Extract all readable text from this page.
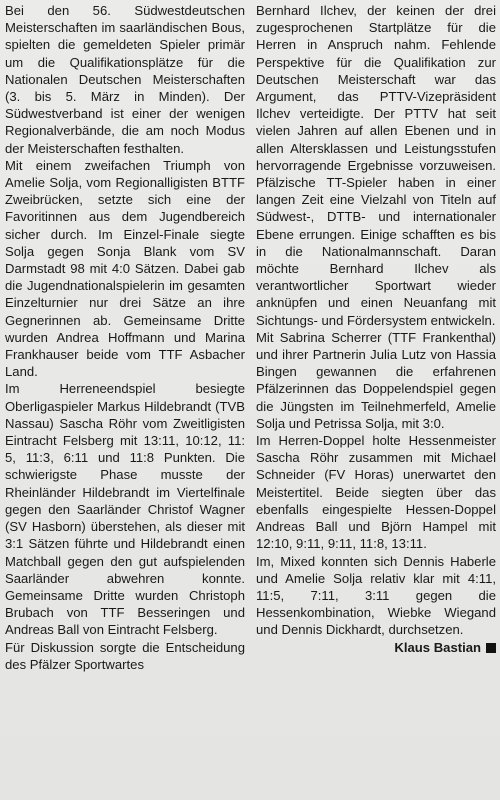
Bei den 56. Südwestdeutschen Meisterschaften im saarländischen Bous, spielten die gemeldeten Spieler primär um die Qualifikationsplätze für die Nationalen Deutschen Meisterschaften (3. bis 5. März in Minden). Der Südwestverband ist einer der wenigen Regionalverbände, die am noch Modus der Meisterschaften festhalten.

Mit einem zweifachen Triumph von Amelie Solja, vom Regionalligisten BTTF Zweibrücken, setzte sich eine der Favoritinnen aus dem Jugendbereich sicher durch. Im Einzel-Finale siegte Solja gegen Sonja Blank vom SV Darmstadt 98 mit 4:0 Sätzen. Dabei gab die Jugendnationalspielerin im gesamten Einzelturnier nur drei Sätze an ihre Gegnerinnen ab. Gemeinsame Dritte wurden Andrea Hoffmann und Marina Frankhauser beide vom TTF Asbacher Land.

Im Herreneendspiel besiegte Oberligaspieler Markus Hildebrandt (TVB Nassau) Sascha Röhr vom Zweitligisten Eintracht Felsberg mit 13:11, 10:12, 11: 5, 11:3, 6:11 und 11:8 Punkten. Die schwierigste Phase musste der Rheinländer Hildebrandt im Viertelfinale gegen den Saarländer Christof Wagner (SV Hasborn) überstehen, als dieser mit 3:1 Sätzen führte und Hildebrandt einen Matchball gegen den gut aufspielenden Saarländer abwehren konnte. Gemeinsame Dritte wurden Christoph Brubach von TTF Besseringen und Andreas Ball von Eintracht Felsberg.

Für Diskussion sorgte die Entscheidung des Pfälzer Sportwartes

Bernhard Ilchev, der keinen der drei zugesprochenen Startplätze für die Herren in Anspruch nahm. Fehlende Perspektive für die Qualifikation zur Deutschen Meisterschaft war das Argument, das PTTV-Vizepräsident Ilchev verteidigte. Der PTTV hat seit vielen Jahren auf allen Ebenen und in allen Altersklassen und Leistungsstufen hervorragende Ergebnisse vorzuweisen. Pfälzische TT-Spieler haben in einer langen Zeit eine Vielzahl von Titeln auf Südwest-, DTTB- und internationaler Ebene errungen. Einige schafften es bis in die Nationalmannschaft. Daran möchte Bernhard Ilchev als verantwortlicher Sportwart wieder anknüpfen und einen Neuanfang mit Sichtungs- und Fördersystem entwickeln.

Mit Sabrina Scherrer (TTF Frankenthal) und ihrer Partnerin Julia Lutz von Hassia Bingen gewannen die erfahrenen Pfälzerinnen das Doppelendspiel gegen die Jüngsten im Teilnehmerfeld, Amelie Solja und Petrissa Solja, mit 3:0.

Im Herren-Doppel holte Hessenmeister Sascha Röhr zusammen mit Michael Schneider (FV Horas) unerwartet den Meistertitel. Beide siegten über das ebenfalls eingespielte Hessen-Doppel Andreas Ball und Björn Hampel mit 12:10, 9:11, 9:11, 11:8, 13:11.

Im, Mixed konnten sich Dennis Haberle und Amelie Solja relativ klar mit 4:11, 11:5, 7:11, 3:11 gegen die Hessenkombination, Wiebke Wiegand und Dennis Dickhardt, durchsetzen.

Klaus Bastian
